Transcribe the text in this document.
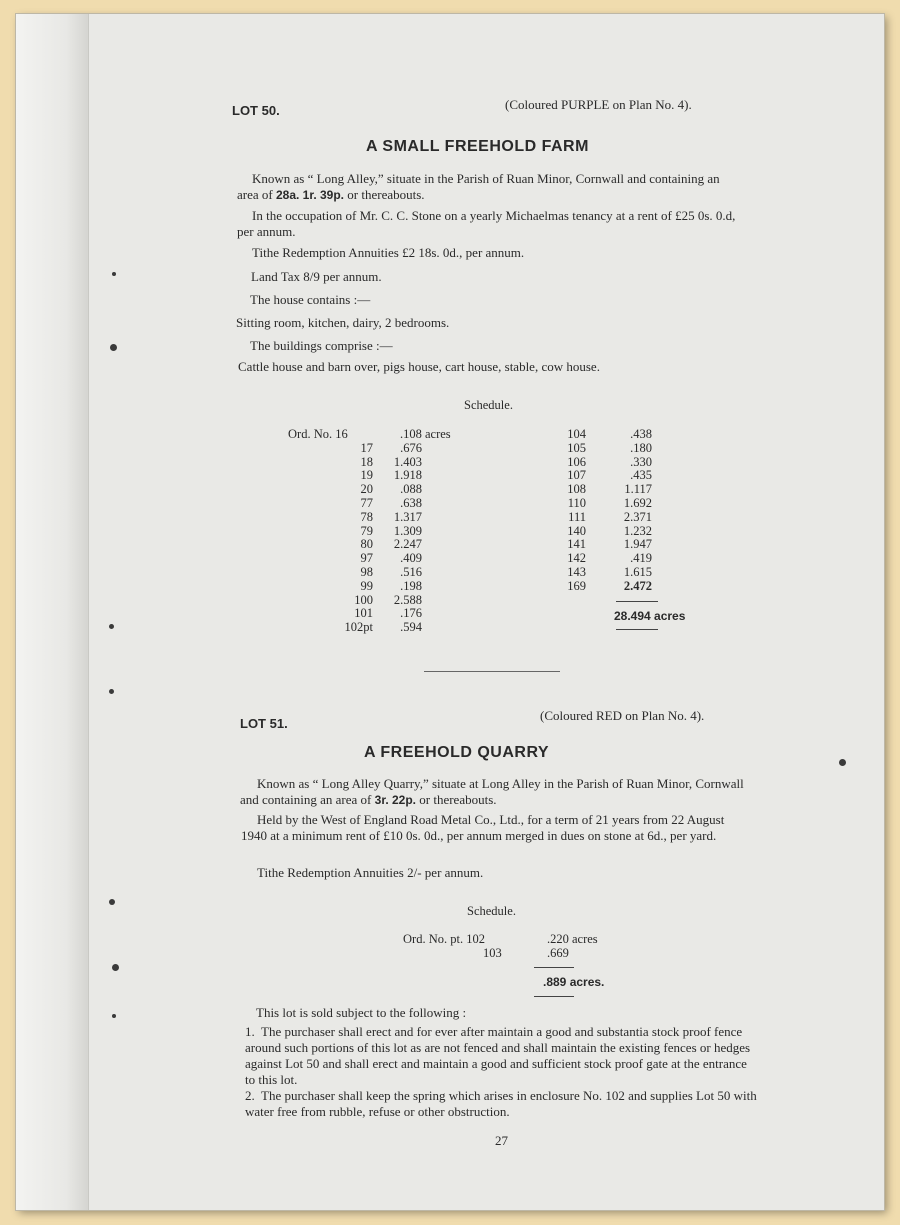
LOT 50.	(Coloured PURPLE on Plan No. 4).
A SMALL FREEHOLD FARM
Known as “ Long Alley,” situate in the Parish of Ruan Minor, Cornwall and containing an area of 28a. 1r. 39p. or thereabouts.
In the occupation of Mr. C. C. Stone on a yearly Michaelmas tenancy at a rent of £25 0s. 0.d, per annum.
Tithe Redemption Annuities £2 18s. 0d., per annum.
Land Tax 8/9 per annum.
The house contains :—
Sitting room, kitchen, dairy, 2 bedrooms.
The buildings comprise :—
Cattle house and barn over, pigs house, cart house, stable, cow house.
Schedule.
Ord. No. 16	.108 acres
17 .676
18 1.403
19 1.918
20 .088
77 .638
78 1.317
79 1.309
80 2.247
97 .409
98 .516
99 .198
100 2.588
101 .176
102pt .594
104	.438
105	.180
106	.330
107	.435
108	1.117
110	1.692
111	2.371
140	1.232
141	1.947
142	.419
143	1.615
169	2.472
28.494 acres
LOT 51.
(Coloured RED on Plan No. 4).
A FREEHOLD QUARRY
Known as “ Long Alley Quarry,” situate at Long Alley in the Parish of Ruan Minor, Cornwall and containing an area of 3r. 22p. or thereabouts.
Held by the West of England Road Metal Co., Ltd., for a term of 21 years from 22 August 1940 at a minimum rent of £10 0s. 0d., per annum merged in dues on stone at 6d., per yard.
Tithe Redemption Annuities 2/- per annum.
Schedule.
Ord. No. pt. 102	.220 acres
103	.669
.889 acres.
This lot is sold subject to the following :
1. The purchaser shall erect and for ever after maintain a good and substantia stock proof fence around such portions of this lot as are not fenced and shall maintain the existing fences or hedges against Lot 50 and shall erect and maintain a good and sufficient stock proof gate at the entrance to this lot.
2. The purchaser shall keep the spring which arises in enclosure No. 102 and supplies Lot 50 with water free from rubble, refuse or other obstruction.
27
